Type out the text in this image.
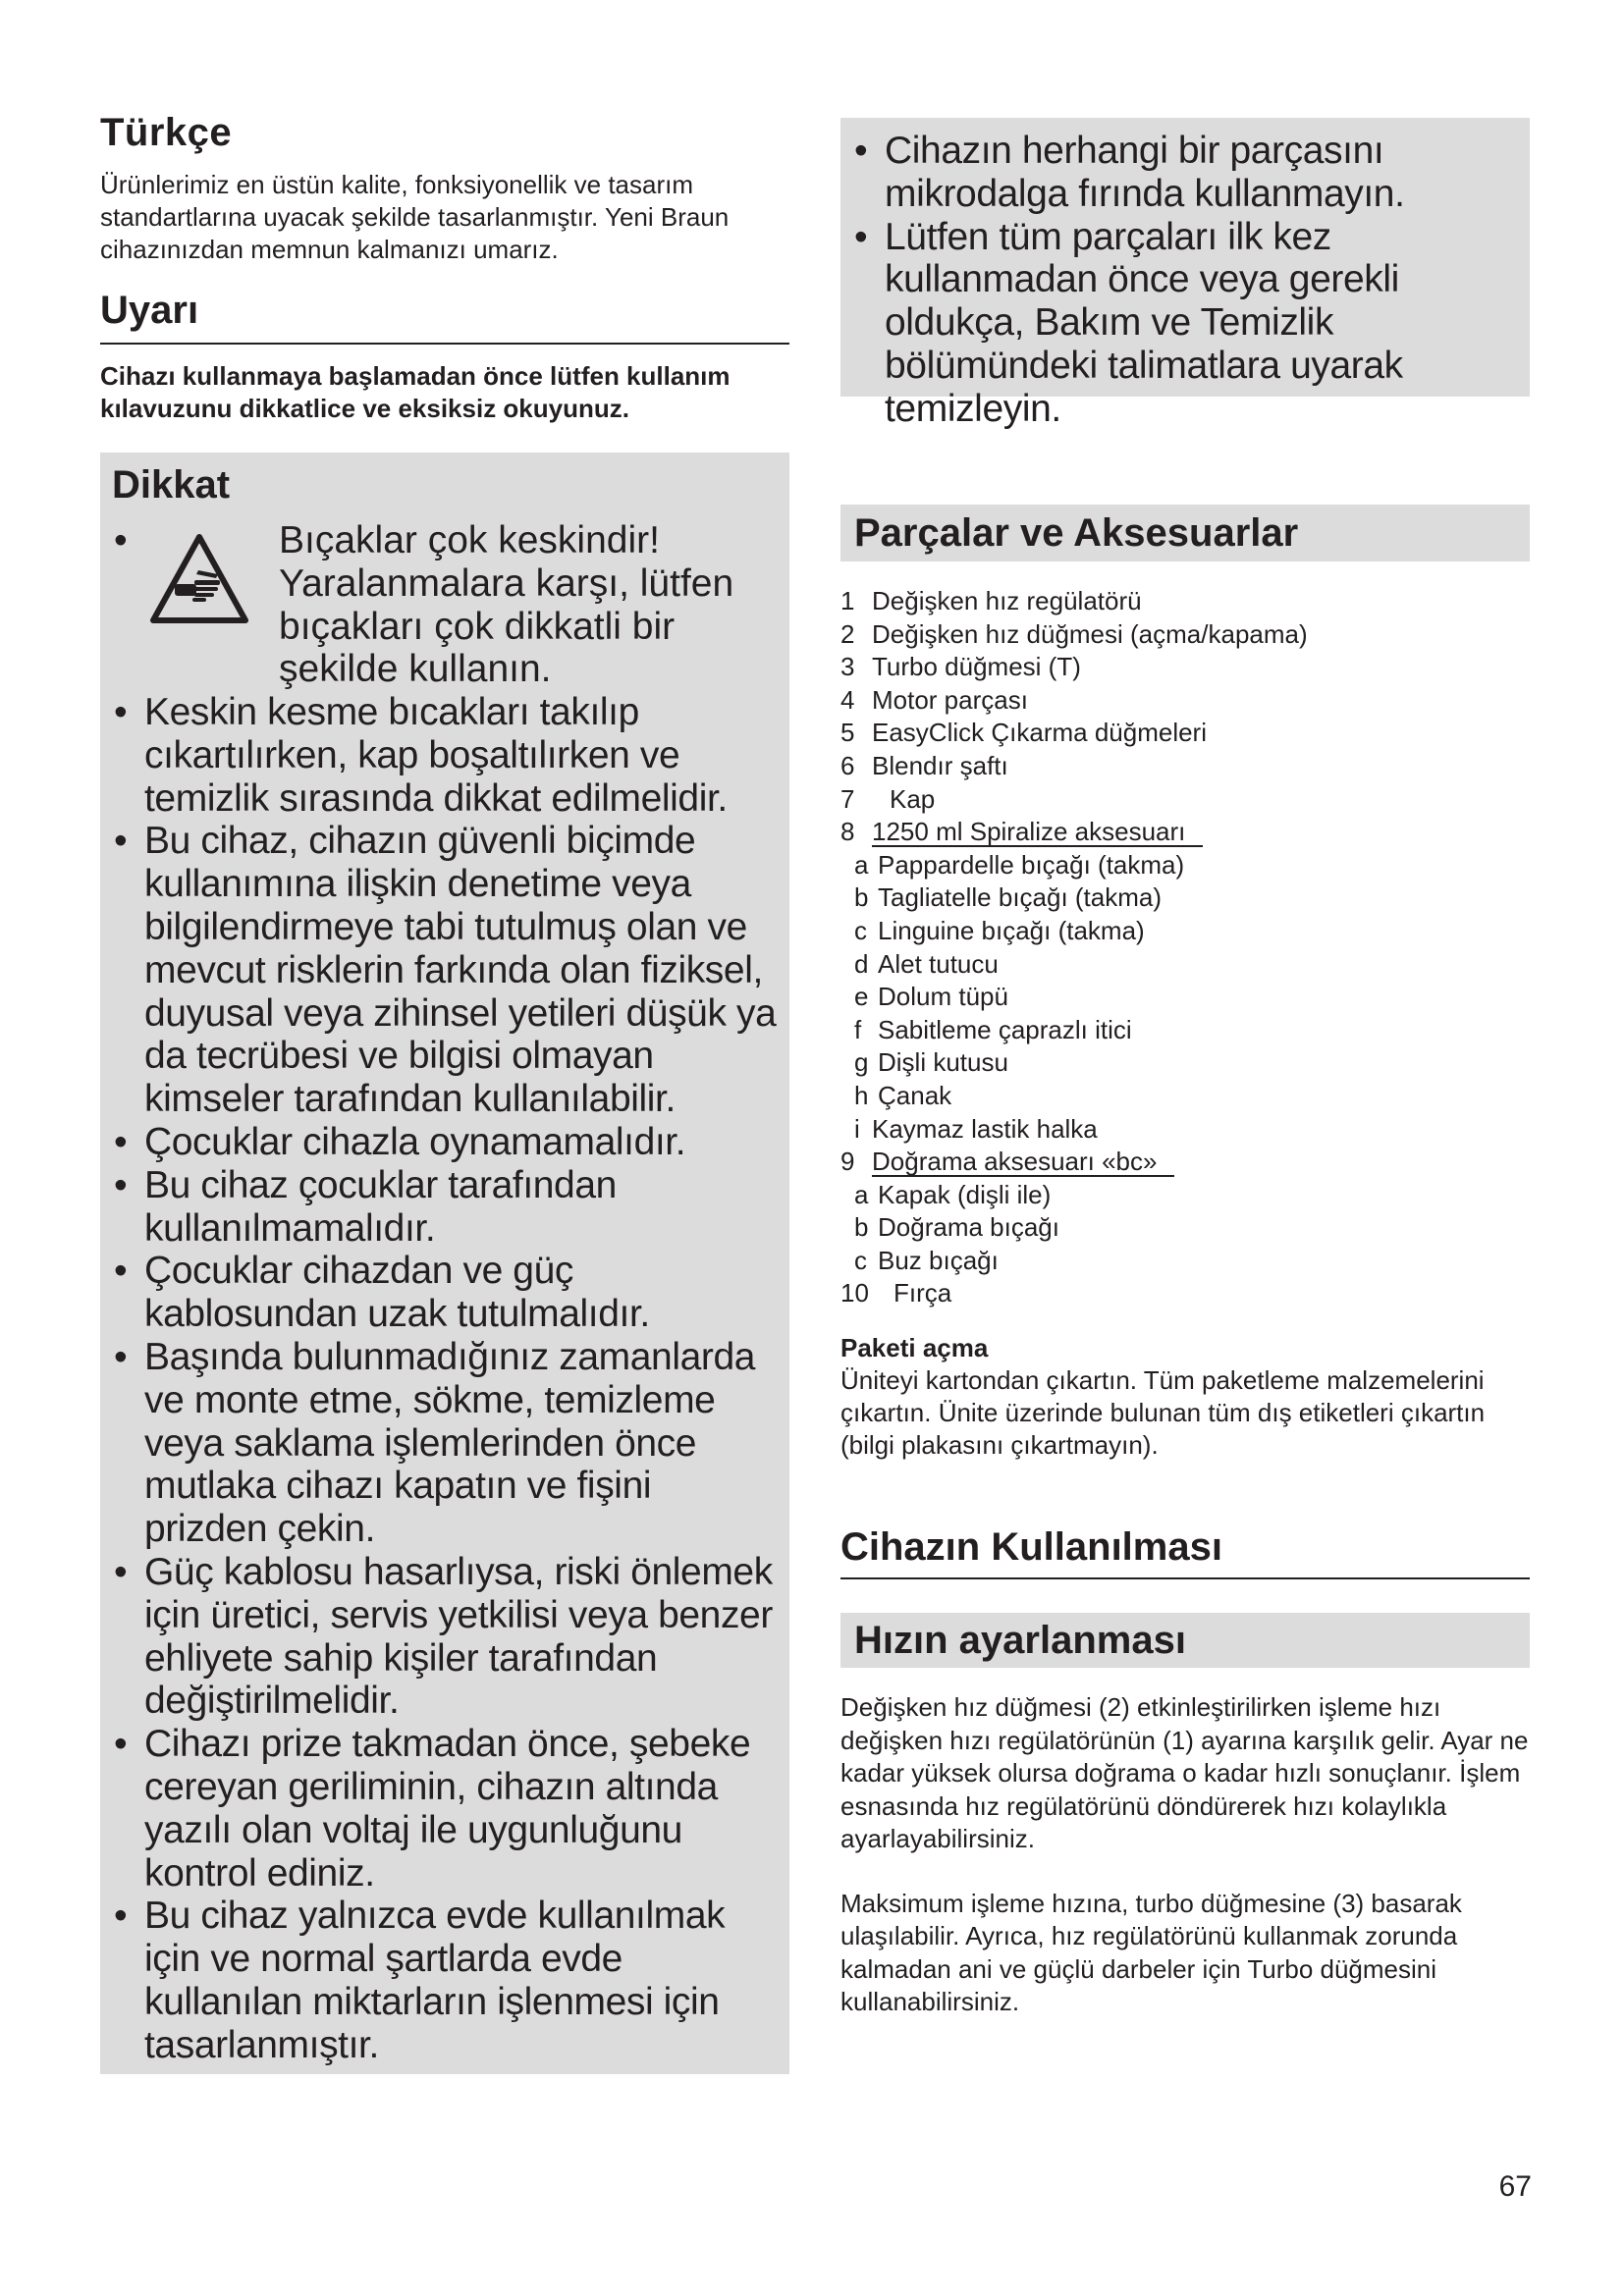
Türkçe

Ürünlerimiz en üstün kalite, fonksiyonellik ve tasarım standartlarına uyacak şekilde tasarlanmıştır. Yeni Braun cihazınızdan memnun kalmanızı umarız.

Uyarı

Cihazı kullanmaya başlamadan önce lütfen kullanım kılavuzunu dikkatlice ve eksiksiz okuyunuz.

Dikkat
•	Bıçaklar çok keskindir! Yaralanmalara karşı, lütfen bıçakları çok dikkatli bir şekilde kullanın.
• Keskin kesme bıcakları takılıp cıkartılırken, kap boşaltılırken ve temizlik sırasında dikkat edilmelidir.
• Bu cihaz, cihazın güvenli biçimde kullanımına ilişkin denetime veya bilgilendirmeye tabi tutulmuş olan ve mevcut risklerin farkında olan fiziksel, duyusal veya zihinsel yetileri düşük ya da tecrübesi ve bilgisi olmayan kimseler tarafından kullanılabilir.
• Çocuklar cihazla oynamamalıdır.
• Bu cihaz çocuklar tarafından kullanılmamalıdır.
• Çocuklar cihazdan ve güç kablosundan uzak tutulmalıdır.
• Başında bulunmadığınız zamanlarda ve monte etme, sökme, temizleme veya saklama işlemlerinden önce mutlaka cihazı kapatın ve fişini prizden çekin.
• Güç kablosu hasarlıysa, riski önlemek için üretici, servis yetkilisi veya benzer ehliyete sahip kişiler tarafından değiştirilmelidir.
• Cihazı prize takmadan önce, şebeke cereyan geriliminin, cihazın altında yazılı olan voltaj ile uygunluğunu kontrol ediniz.
• Bu cihaz yalnızca evde kullanılmak için ve normal şartlarda evde kullanılan miktarların işlenmesi için tasarlanmıştır.
• Cihazın herhangi bir parçasını mikrodalga fırında kullanmayın.
• Lütfen tüm parçaları ilk kez kullanmadan önce veya gerekli oldukça, Bakım ve Temizlik bölümündeki talimatlara uyarak temizleyin.
Parçalar ve Aksesuarlar
1 Değişken hız regülatörü
2 Değişken hız düğmesi (açma/kapama)
3 Turbo düğmesi (T)
4 Motor parçası
5 EasyClick Çıkarma düğmeleri
6 Blendır şaftı
7	Kap
8 1250 ml Spiralize aksesuarı
a Pappardelle bıçağı (takma)
b Tagliatelle bıçağı (takma)
c Linguine bıçağı (takma)
d Alet tutucu
e Dolum tüpü
f Sabitleme çaprazlı itici
g Dişli kutusu
h Çanak
i Kaymaz lastik halka
9 Doğrama aksesuarı «bc»
a Kapak (dişli ile)
b Doğrama bıçağı
c Buz bıçağı
10 Fırça
Paketi açma

Üniteyi kartondan çıkartın. Tüm paketleme malzemelerini çıkartın. Ünite üzerinde bulunan tüm dış etiketleri çıkartın (bilgi plakasını çıkartmayın).

Cihazın Kullanılması
Hızın ayarlanması

Değişken hız düğmesi (2) etkinleştirilirken işleme hızı değişken hızı regülatörünün (1) ayarına karşılık gelir. Ayar ne kadar yüksek olursa doğrama o kadar hızlı sonuçlanır. İşlem esnasında hız regülatörünü döndürerek hızı kolaylıkla ayarlayabilirsiniz.

Maksimum işleme hızına, turbo düğmesine (3) basarak ulaşılabilir. Ayrıca, hız regülatörünü kullanmak zorunda kalmadan ani ve güçlü darbeler için Turbo düğmesini kullanabilirsiniz.

67
